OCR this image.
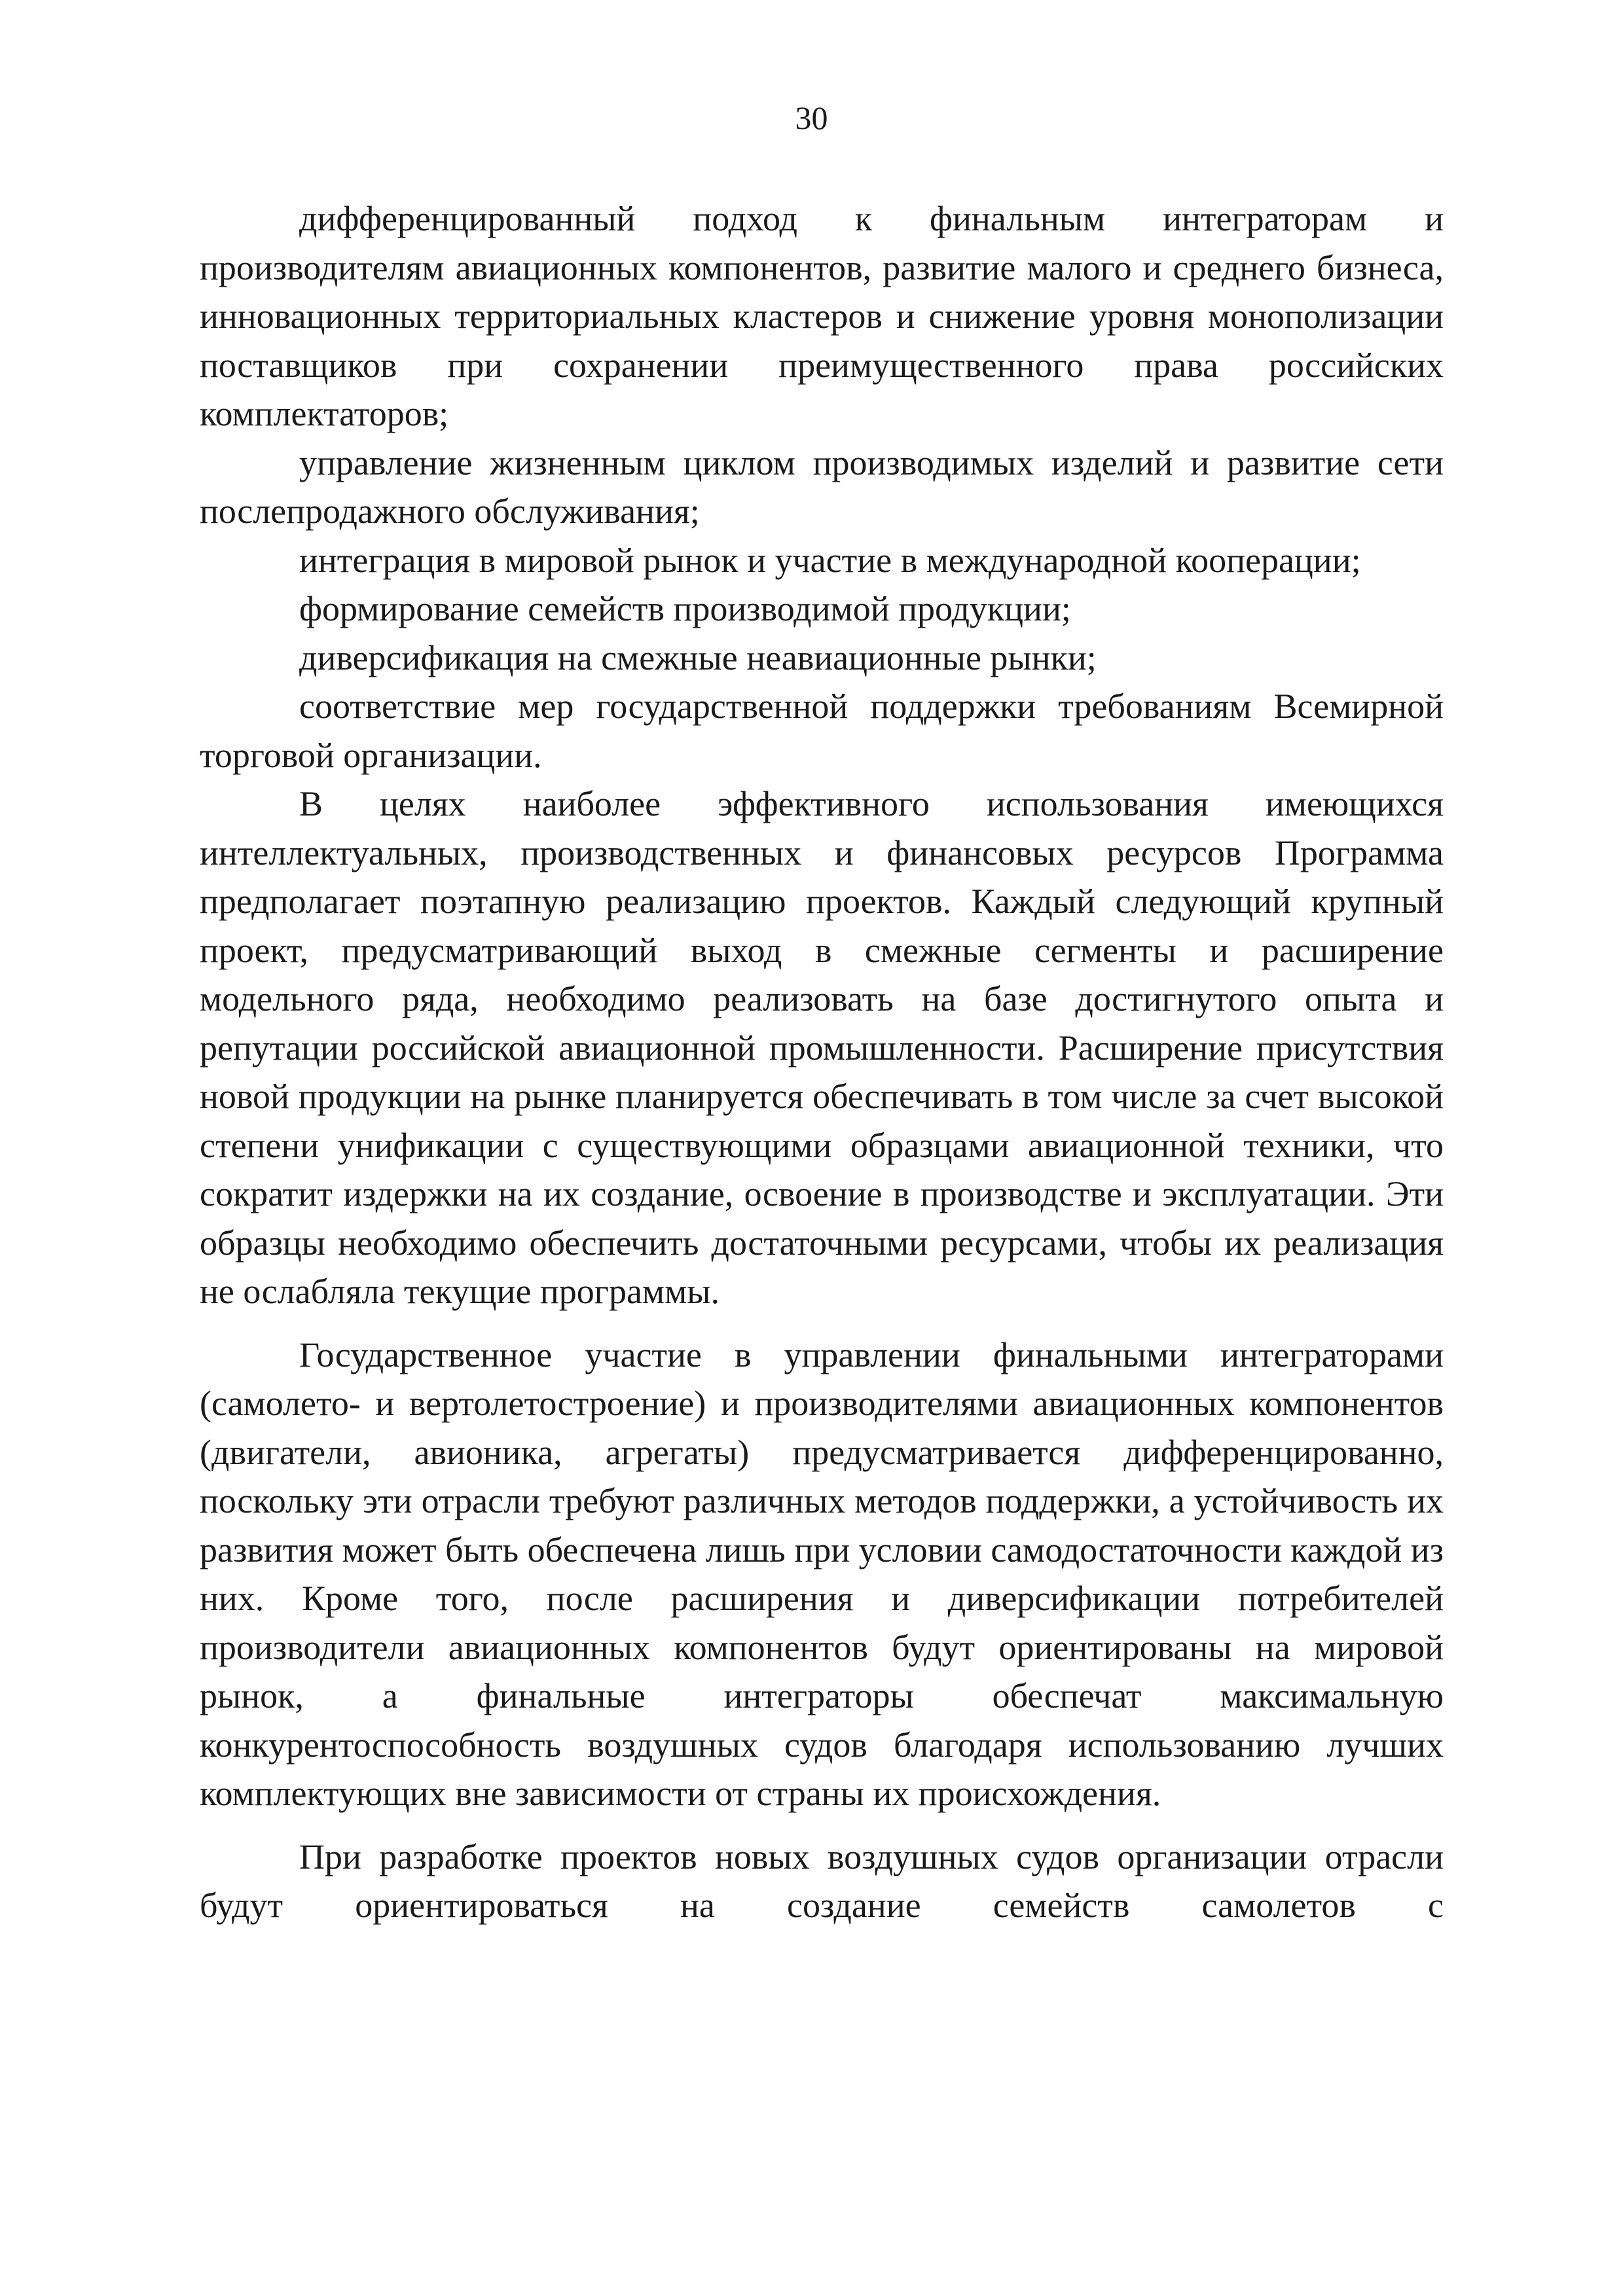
30

дифференцированный подход к финальным интеграторам и производителям авиационных компонентов, развитие малого и среднего бизнеса, инновационных территориальных кластеров и снижение уровня монополизации поставщиков при сохранении преимущественного права российских комплектаторов;

управление жизненным циклом производимых изделий и развитие сети послепродажного обслуживания;

интеграция в мировой рынок и участие в международной кооперации;

формирование семейств производимой продукции;

диверсификация на смежные неавиационные рынки;

соответствие мер государственной поддержки требованиям Всемирной торговой организации.

В целях наиболее эффективного использования имеющихся интеллектуальных, производственных и финансовых ресурсов Программа предполагает поэтапную реализацию проектов. Каждый следующий крупный проект, предусматривающий выход в смежные сегменты и расширение модельного ряда, необходимо реализовать на базе достигнутого опыта и репутации российской авиационной промышленности. Расширение присутствия новой продукции на рынке планируется обеспечивать в том числе за счет высокой степени унификации с существующими образцами авиационной техники, что сократит издержки на их создание, освоение в производстве и эксплуатации. Эти образцы необходимо обеспечить достаточными ресурсами, чтобы их реализация не ослабляла текущие программы.

Государственное участие в управлении финальными интеграторами (самолето- и вертолетостроение) и производителями авиационных компонентов (двигатели, авионика, агрегаты) предусматривается дифференцированно, поскольку эти отрасли требуют различных методов поддержки, а устойчивость их развития может быть обеспечена лишь при условии самодостаточности каждой из них. Кроме того, после расширения и диверсификации потребителей производители авиационных компонентов будут ориентированы на мировой рынок, а финальные интеграторы обеспечат максимальную конкурентоспособность воздушных судов благодаря использованию лучших комплектующих вне зависимости от страны их происхождения.

При разработке проектов новых воздушных судов организации отрасли будут ориентироваться на создание семейств самолетов с
